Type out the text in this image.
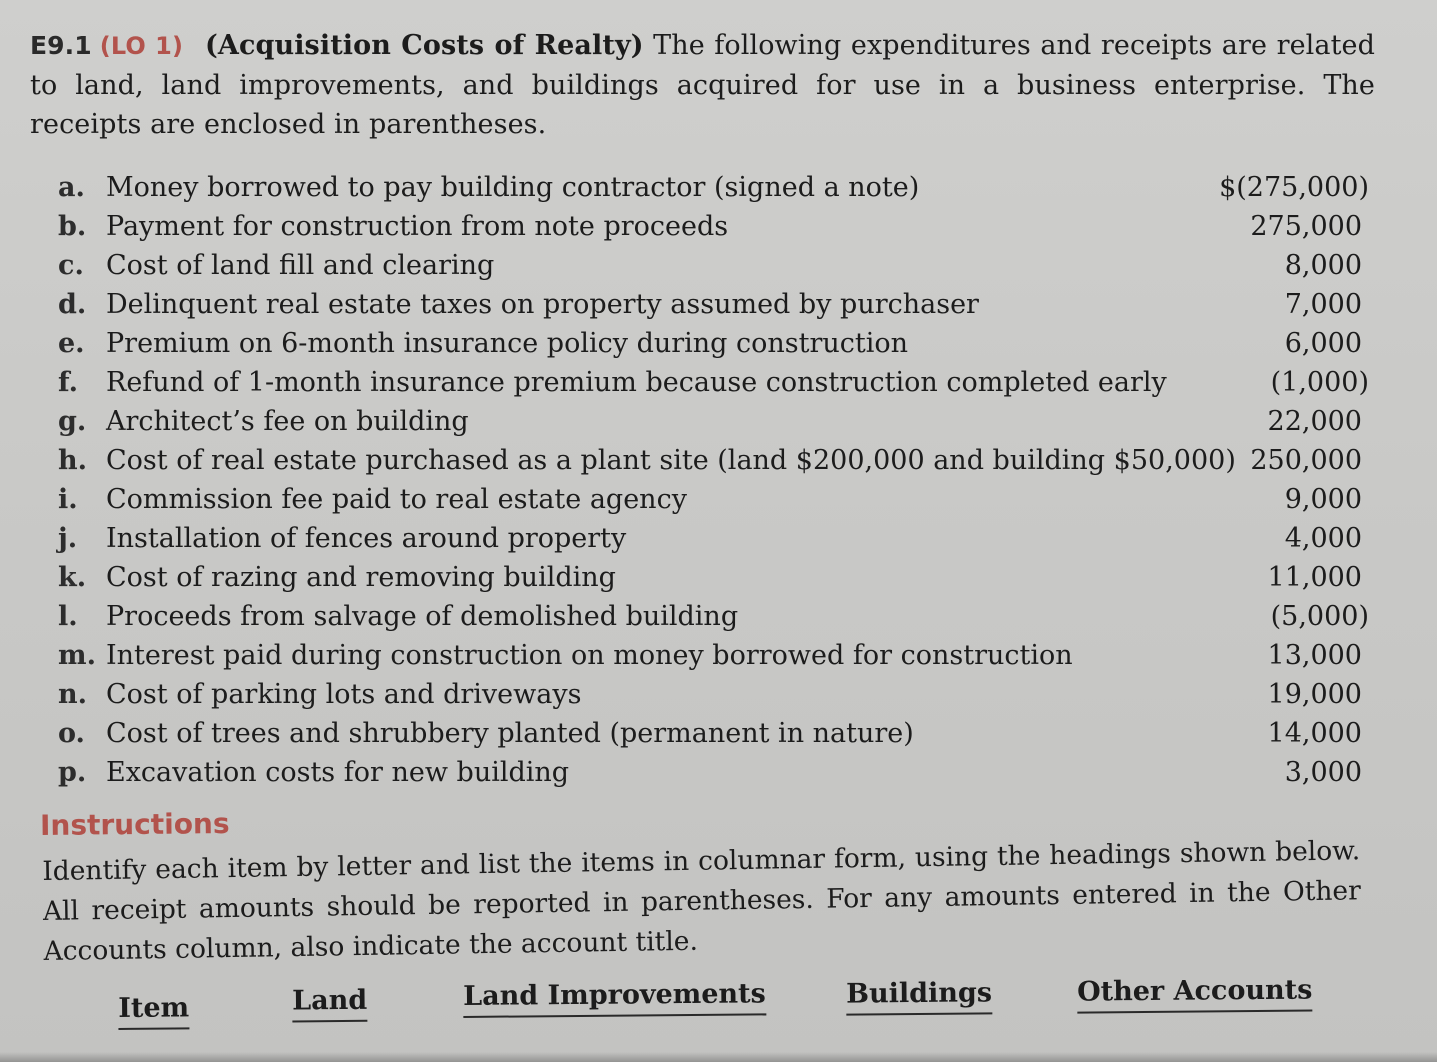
E9.1 (LO 1) (Acquisition Costs of Realty) The following expenditures and receipts are related to land, land improvements, and buildings acquired for use in a business enterprise. The receipts are enclosed in parentheses.
a. Money borrowed to pay building contractor (signed a note)	$(275,000)
b. Payment for construction from note proceeds	275,000
c. Cost of land fill and clearing	8,000
d. Delinquent real estate taxes on property assumed by purchaser	7,000
e. Premium on 6-month insurance policy during construction	6,000
f. Refund of 1-month insurance premium because construction completed early	(1,000)
g. Architect’s fee on building	22,000
h. Cost of real estate purchased as a plant site (land $200,000 and building $50,000) 250,000
i. Commission fee paid to real estate agency	9,000
j. Installation of fences around property	4,000
k. Cost of razing and removing building	11,000
l. Proceeds from salvage of demolished building	(5,000)
m. Interest paid during construction on money borrowed for construction	13,000
n. Cost of parking lots and driveways	19,000
o. Cost of trees and shrubbery planted (permanent in nature)	14,000
p. Excavation costs for new building	3,000
Instructions
Identify each item by letter and list the items in columnar form, using the headings shown below. All receipt amounts should be reported in parentheses. For any amounts entered in the Other Accounts column, also indicate the account title.
Item	Land	Land Improvements	Buildings	Other Accounts
